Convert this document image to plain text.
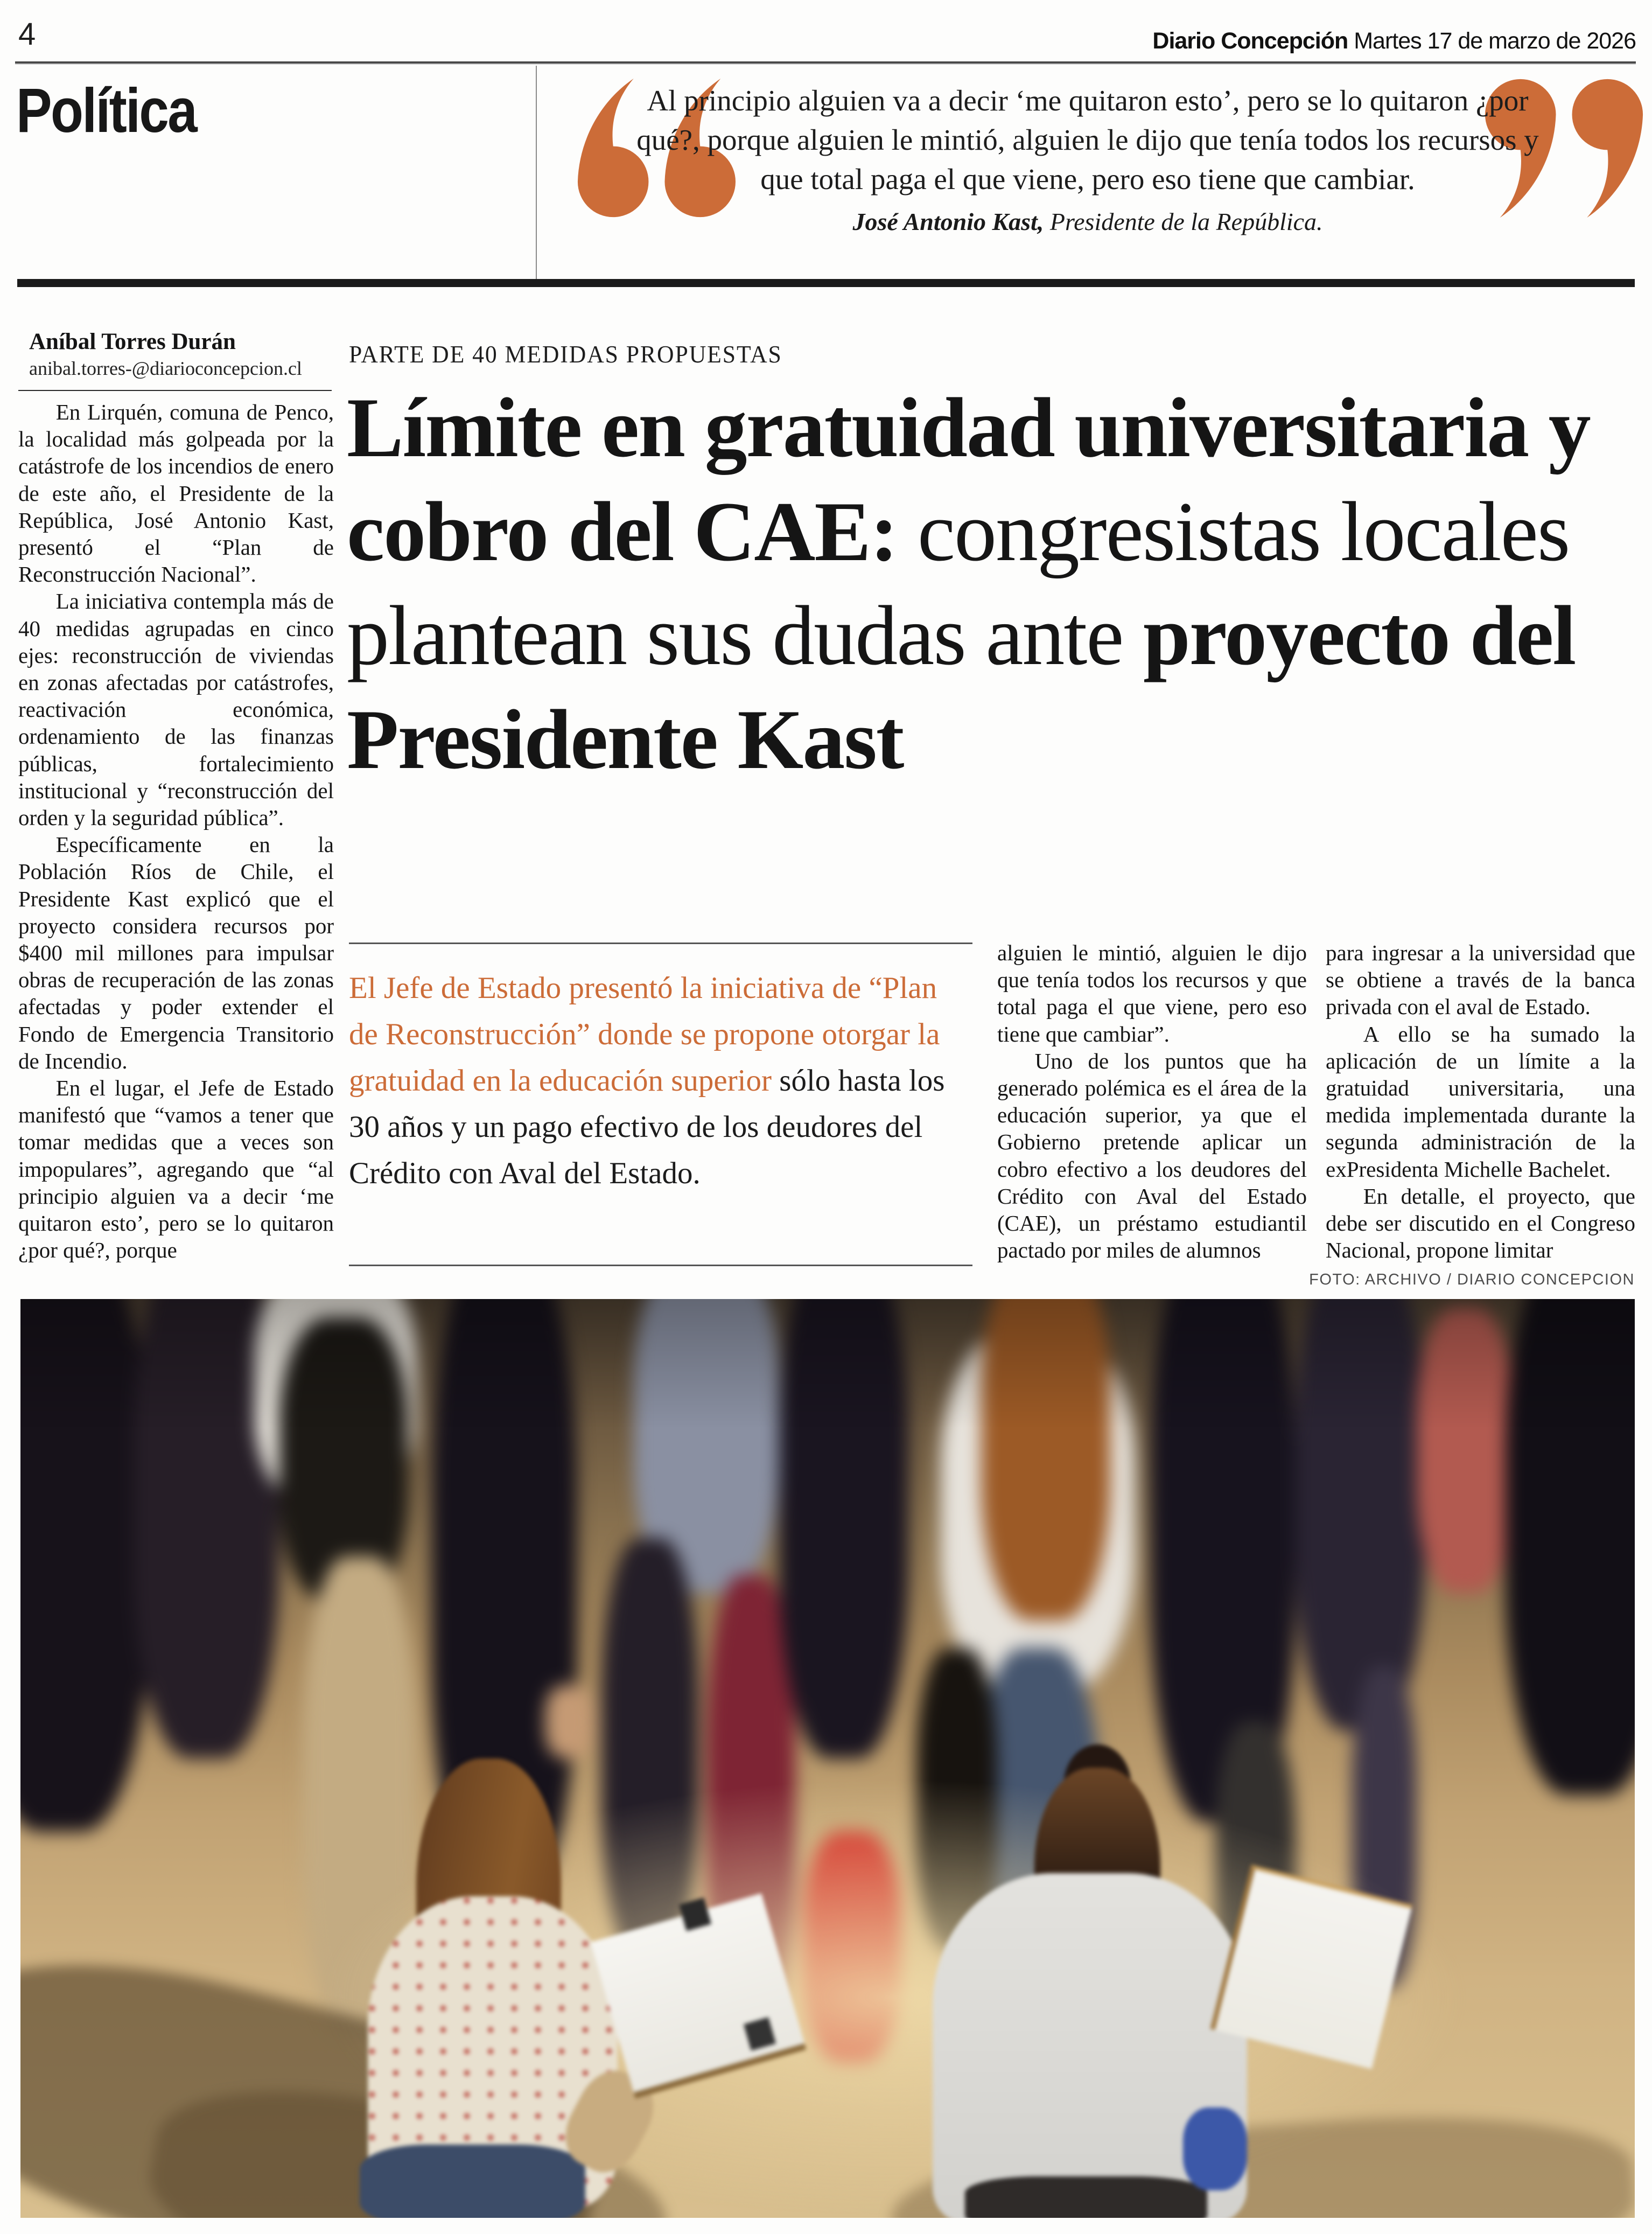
4	Diario Concepción Martes 17 de marzo de 2026
Política	Al principio alguien va a decir ‘me quitaron esto’, pero se lo quitaron ¿por qué?, porque alguien le mintió, alguien le dijo que tenía todos los recursos y que total paga el que viene, pero eso tiene que cambiar.
José Antonio Kast, Presidente de la República.
Aníbal Torres Durán
anibal.torres-@diarioconcepcion.cl
PARTE DE 40 MEDIDAS PROPUESTAS
Límite en gratuidad universitaria y cobro del CAE: congresistas locales plantean sus dudas ante proyecto del Presidente Kast
El Jefe de Estado presentó la iniciativa de “Plan de Reconstrucción” donde se propone otorgar la gratuidad en la educación superior sólo hasta los 30 años y un pago efectivo de los deudores del Crédito con Aval del Estado.

En Lirquén, comuna de Penco, la localidad más golpeada por la catástrofe de los incendios de enero de este año, el Presidente de la República, José Antonio Kast, presentó el “Plan de Reconstrucción Nacional”.

La iniciativa contempla más de 40 medidas agrupadas en cinco ejes: reconstrucción de viviendas en zonas afectadas por catástrofes, reactivación económica, ordenamiento de las finanzas públicas, fortalecimiento institucional y “reconstrucción del orden y la seguridad pública”.

Específicamente en la Población Ríos de Chile, el Presidente Kast explicó que el proyecto considera recursos por $400 mil millones para impulsar obras de recuperación de las zonas afectadas y poder extender el Fondo de Emergencia Transitorio de Incendio.

En el lugar, el Jefe de Estado manifestó que “vamos a tener que tomar medidas que a veces son impopulares”, agregando que “al principio alguien va a decir ‘me quitaron esto’, pero se lo quitaron ¿por qué?, porque

alguien le mintió, alguien le dijo que tenía todos los recursos y que total paga el que viene, pero eso tiene que cambiar”.

Uno de los puntos que ha generado polémica es el área de la educación superior, ya que el Gobierno pretende aplicar un cobro efectivo a los deudores del Crédito con Aval del Estado (CAE), un préstamo estudiantil pactado por miles de alumnos

para ingresar a la universidad que se obtiene a través de la banca privada con el aval de Estado.

A ello se ha sumado la aplicación de un límite a la gratuidad universitaria, una medida implementada durante la segunda administración de la exPresidenta Michelle Bachelet.

En detalle, el proyecto, que debe ser discutido en el Congreso Nacional, propone limitar

FOTO: ARCHIVO / DIARIO CONCEPCION
